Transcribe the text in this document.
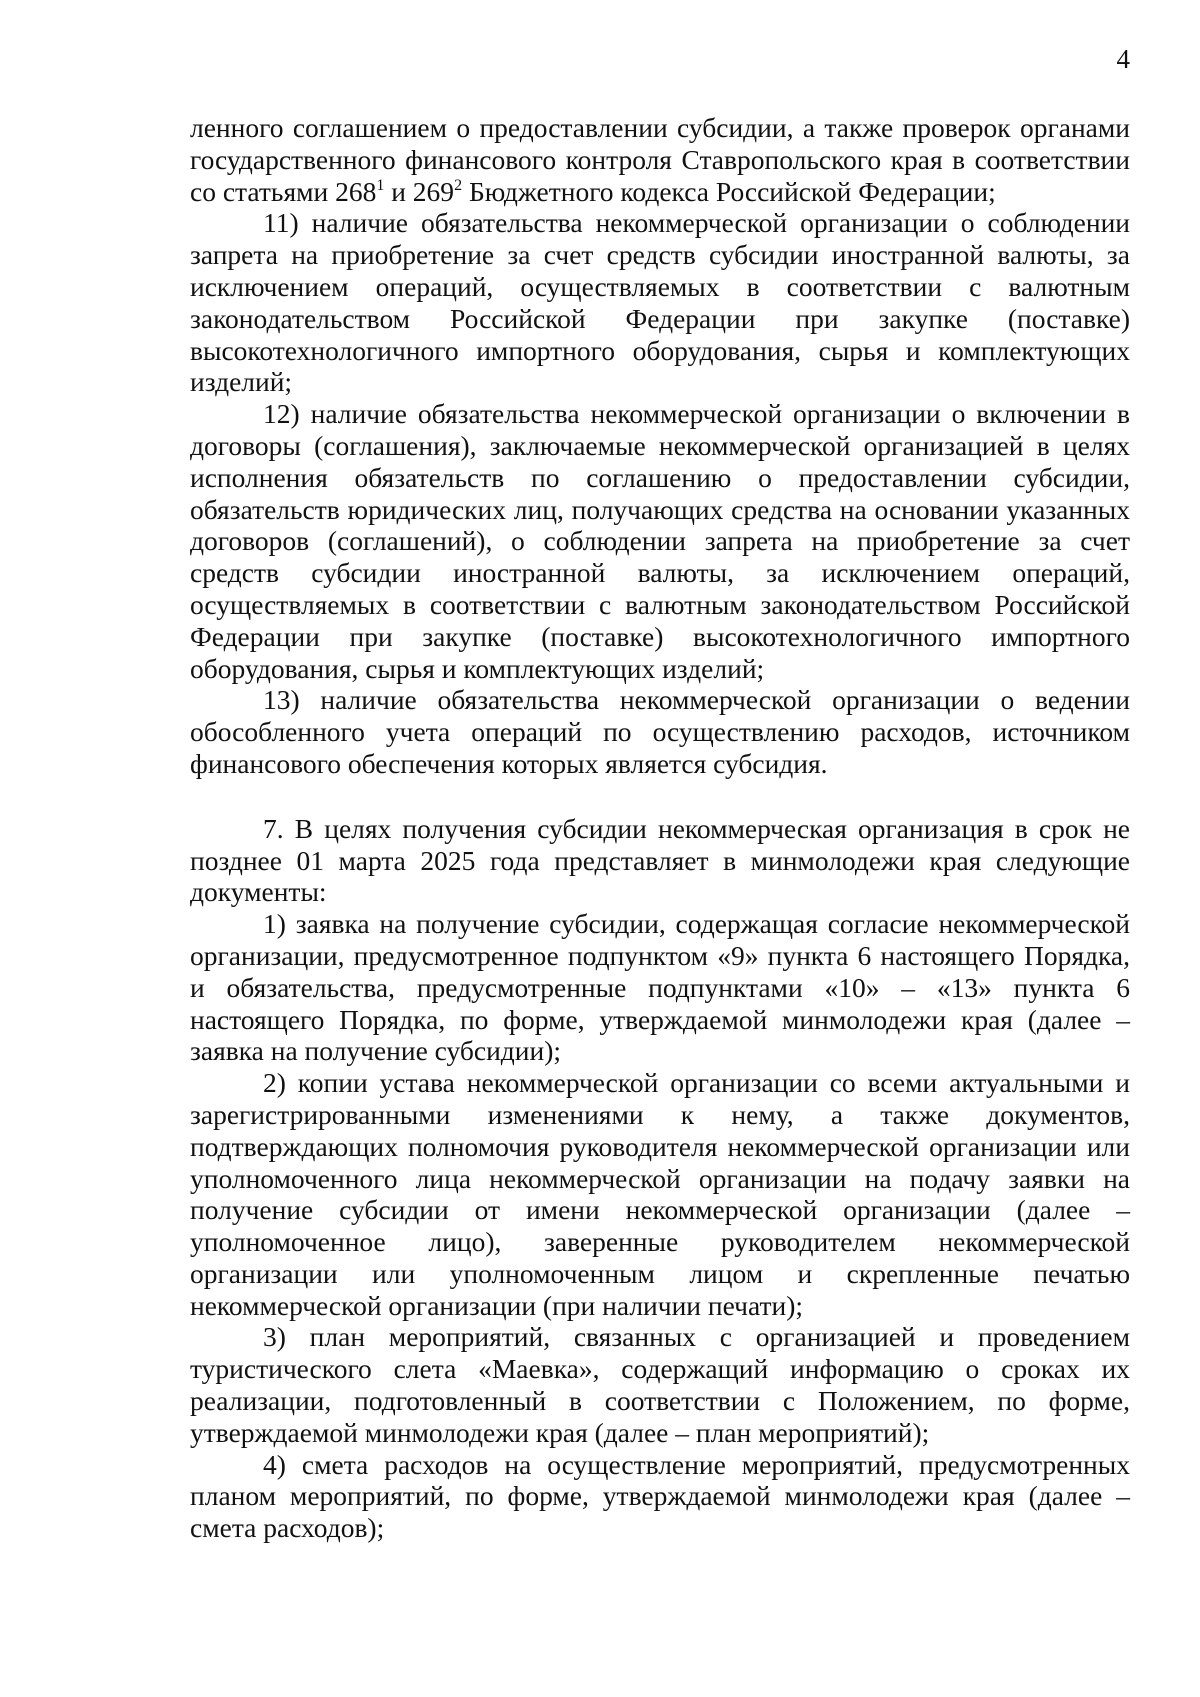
4

ленного соглашением о предоставлении субсидии, а также проверок органами государственного финансового контроля Ставропольского края в соответствии со статьями $268^1$ и $269^2$ Бюджетного кодекса Российской Федерации;

11) наличие обязательства некоммерческой организации о соблюдении запрета на приобретение за счет средств субсидии иностранной валюты, за исключением операций, осуществляемых в соответствии с валютным законодательством Российской Федерации при закупке (поставке) высокотехнологичного импортного оборудования, сырья и комплектующих изделий;

12) наличие обязательства некоммерческой организации о включении в договоры (соглашения), заключаемые некоммерческой организацией в целях исполнения обязательств по соглашению о предоставлении субсидии, обязательств юридических лиц, получающих средства на основании указанных договоров (соглашений), о соблюдении запрета на приобретение за счет средств субсидии иностранной валюты, за исключением операций, осуществляемых в соответствии с валютным законодательством Российской Федерации при закупке (поставке) высокотехнологичного импортного оборудования, сырья и комплектующих изделий;

13) наличие обязательства некоммерческой организации о ведении обособленного учета операций по осуществлению расходов, источником финансового обеспечения которых является субсидия.

7. В целях получения субсидии некоммерческая организация в срок не позднее 01 марта 2025 года представляет в минмолодежи края следующие документы:

1) заявка на получение субсидии, содержащая согласие некоммерческой организации, предусмотренное подпунктом «9» пункта 6 настоящего Порядка, и обязательства, предусмотренные подпунктами «10» – «13» пункта 6 настоящего Порядка, по форме, утверждаемой минмолодежи края (далее – заявка на получение субсидии);

2) копии устава некоммерческой организации со всеми актуальными и зарегистрированными изменениями к нему, а также документов, подтверждающих полномочия руководителя некоммерческой организации или уполномоченного лица некоммерческой организации на подачу заявки на получение субсидии от имени некоммерческой организации (далее – уполномоченное лицо), заверенные руководителем некоммерческой организации или уполномоченным лицом и скрепленные печатью некоммерческой организации (при наличии печати);

3) план мероприятий, связанных с организацией и проведением туристического слета «Маевка», содержащий информацию о сроках их реализации, подготовленный в соответствии с Положением, по форме, утверждаемой минмолодежи края (далее – план мероприятий);

4) смета расходов на осуществление мероприятий, предусмотренных планом мероприятий, по форме, утверждаемой минмолодежи края (далее – смета расходов);
